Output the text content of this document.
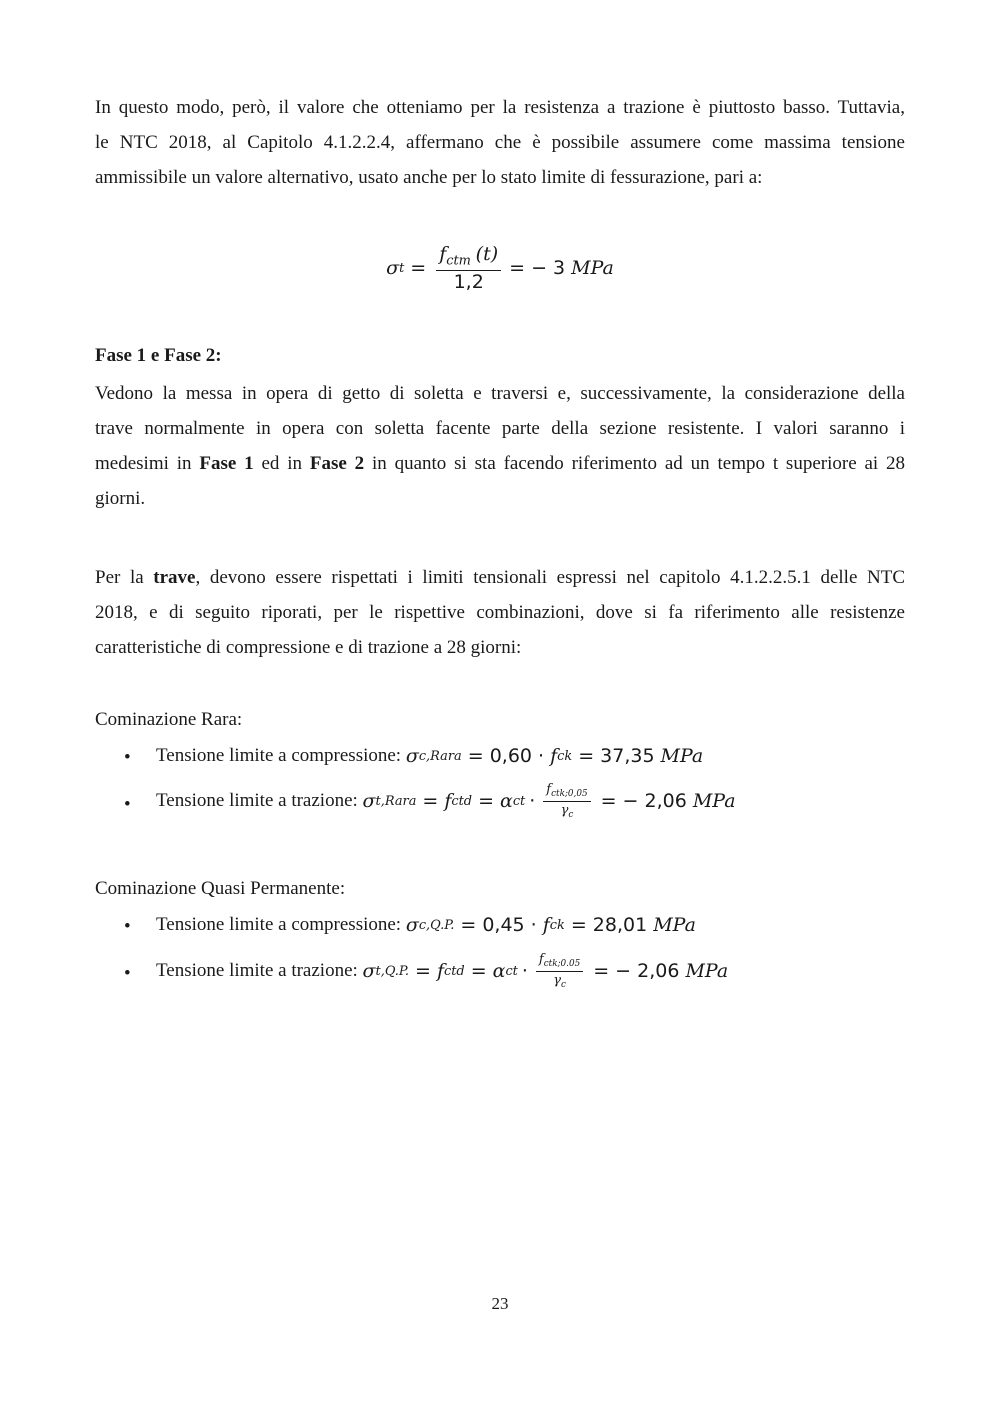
In questo modo, però, il valore che otteniamo per la resistenza a trazione è piuttosto basso. Tuttavia,
le NTC 2018, al Capitolo 4.1.2.2.4, affermano che è possibile assumere come massima tensione
ammissibile un valore alternativo, usato anche per lo stato limite di fessurazione, pari a:
σ $t = \frac{f_{ctm} (t)}{1,2}$ = − 3 MPa
Fase 1 e Fase 2:
Vedono la messa in opera di getto di soletta e traversi e, successivamente, la considerazione della
trave normalmente in opera con soletta facente parte della sezione resistente. I valori saranno i
medesimi in Fase 1 ed in Fase 2 in quanto si sta facendo riferimento ad un tempo t superiore ai 28
giorni.
Per la trave, devono essere rispettati i limiti tensionali espressi nel capitolo 4.1.2.2.5.1 delle NTC
2018, e di seguito riporati, per le rispettive combinazioni, dove si fa riferimento alle resistenze
caratteristiche di compressione e di trazione a 28 giorni:
Cominazione Rara:
• Tensione limite a compressione:
σ c,Rara = 0,60 · f ck = 37,35 MPa
• Tensione limite a trazione:
σ t,Rara = f ctd = α ct · $\frac{f_{ctk;0,05}}{\gamma_c}$ = − 2,06 MPa
Cominazione Quasi Permanente:
• Tensione limite a compressione:
σ c,Q.P. = 0,45 · f ck = 28,01 MPa
• Tensione limite a trazione:
σ t,Q.P. = f ctd = α ct · $\frac{f_{ctk;0.05}}{\gamma_c}$ = − 2,06 MPa
23
